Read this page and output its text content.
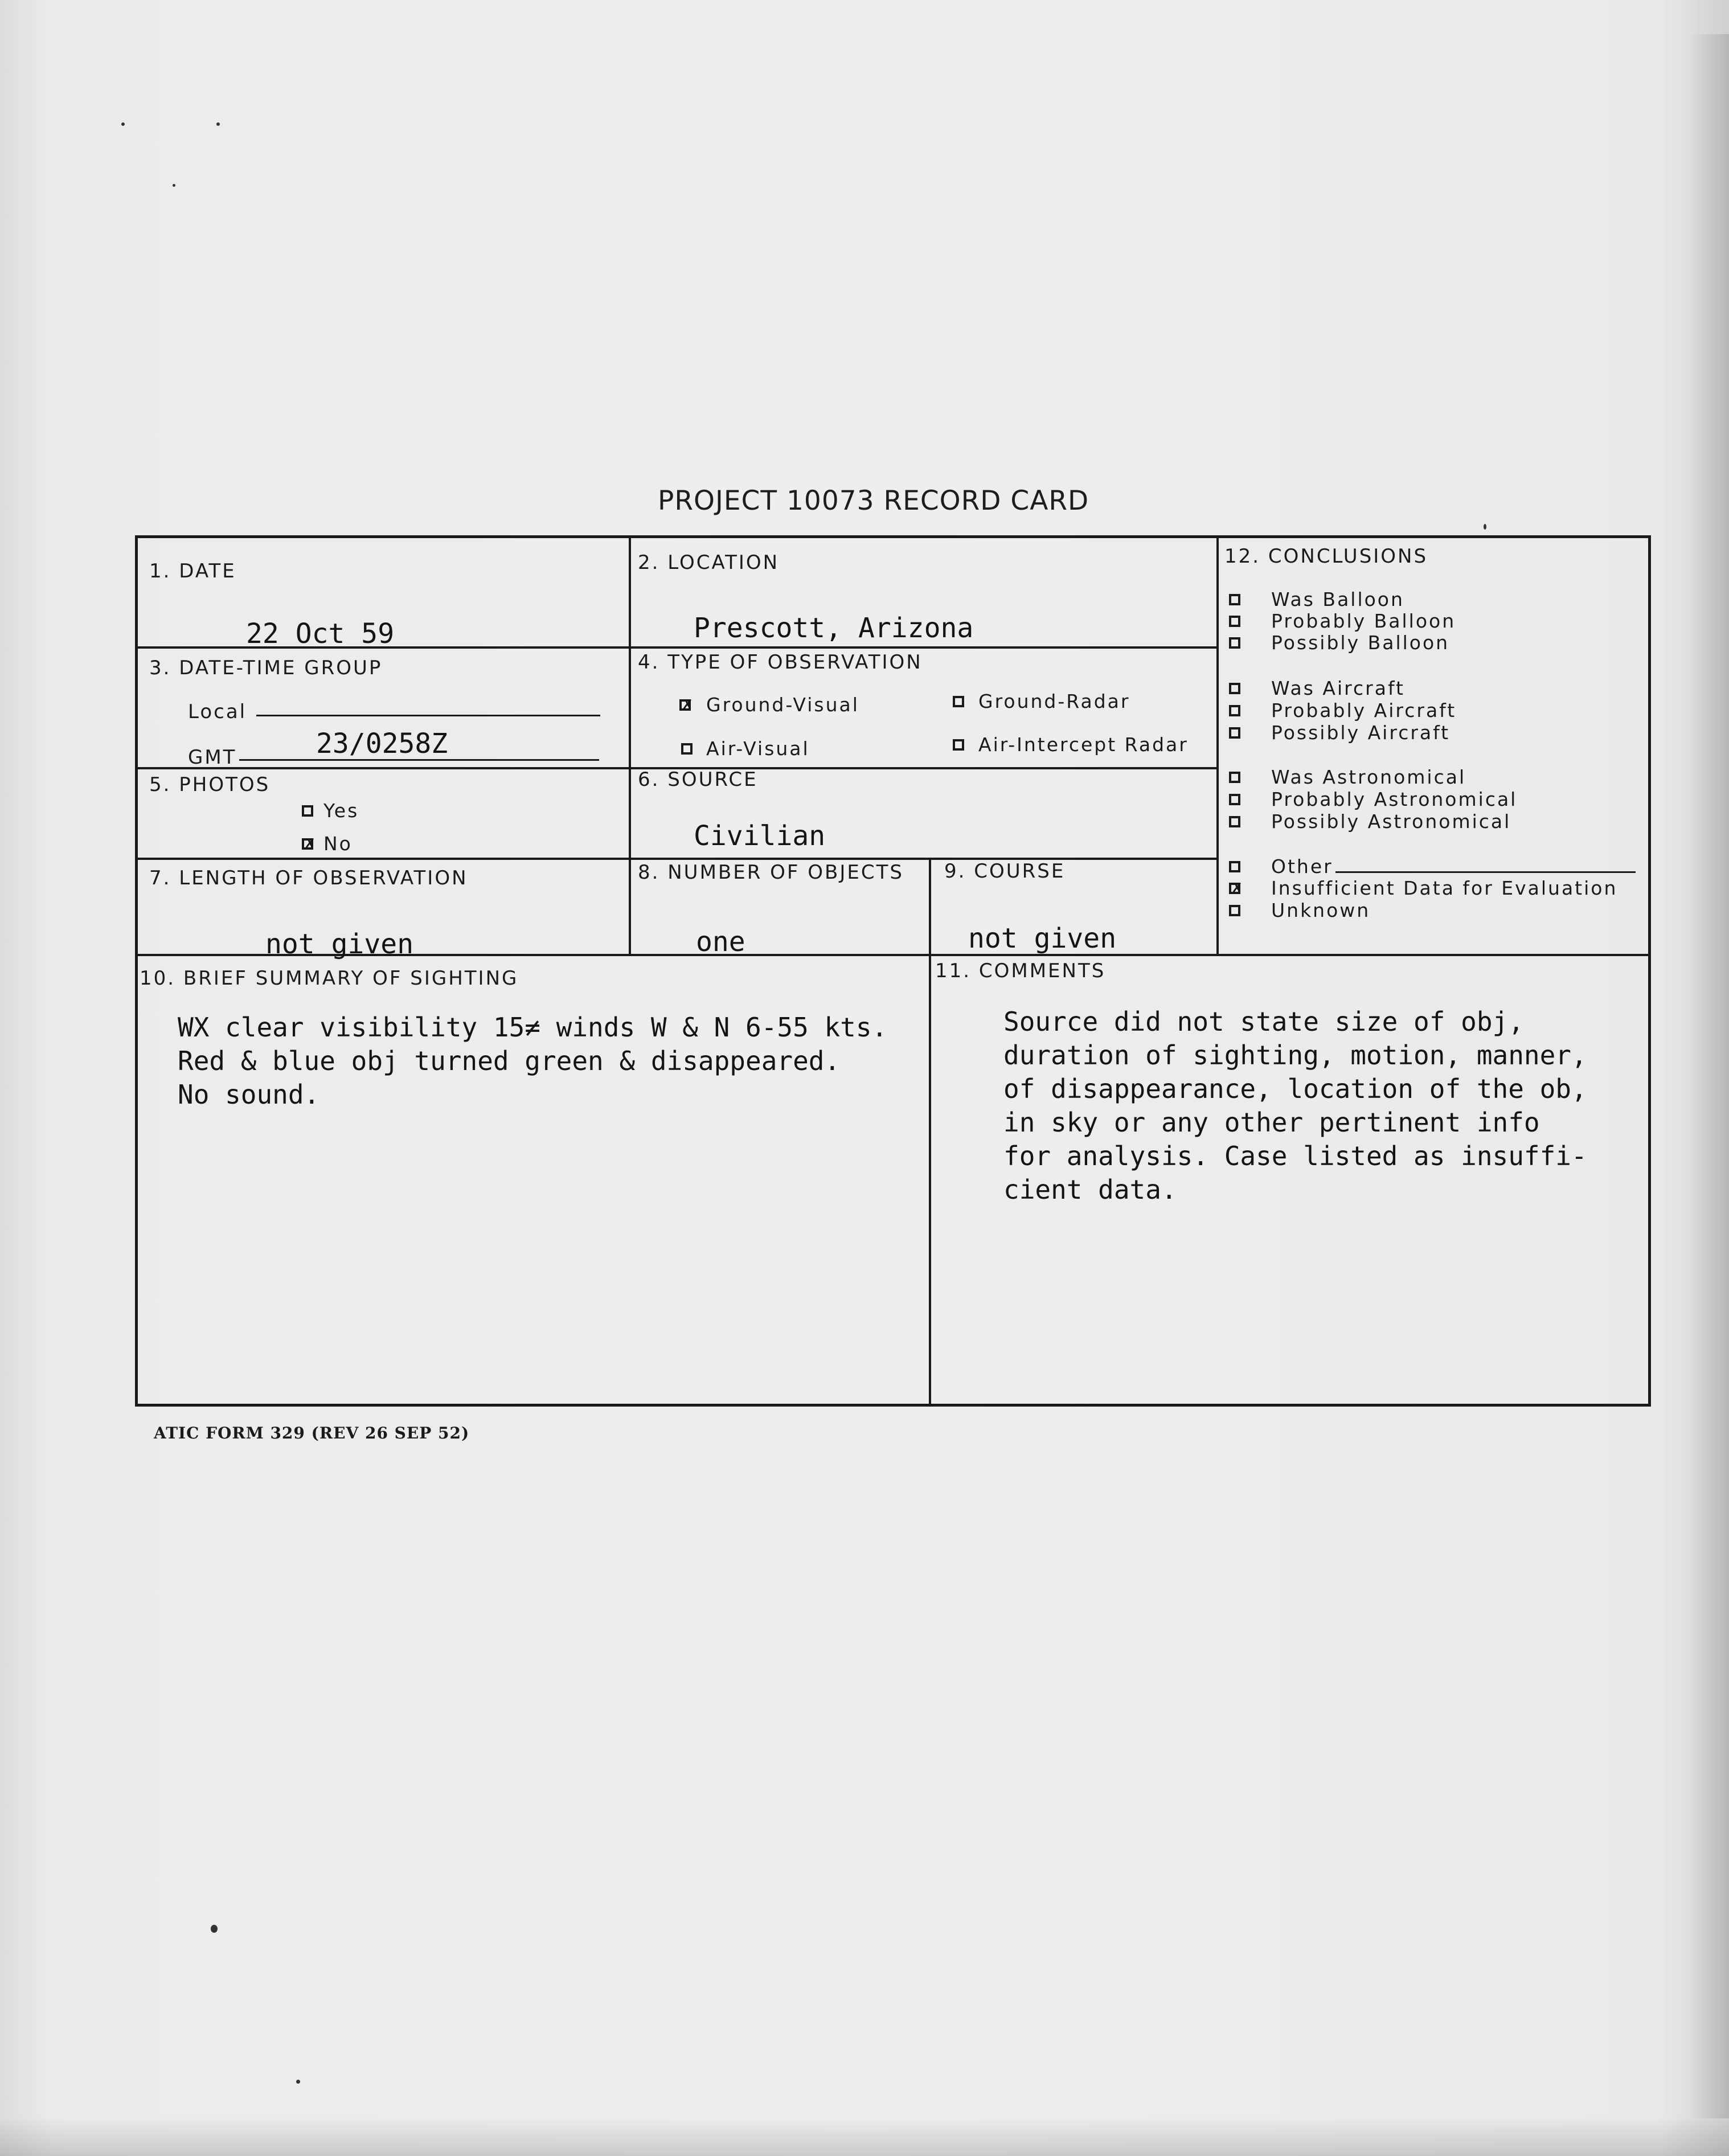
PROJECT 10073 RECORD CARD
1. DATE
22 Oct 59
2. LOCATION
Prescott, Arizona
3. DATE-TIME GROUP
Local
GMT	23/0258Z
4. TYPE OF OBSERVATION
✗ Ground-Visual	Ground-Radar
Air-Visual	Air-Intercept Radar
5. PHOTOS
Yes
✗ No
6. SOURCE
Civilian
7. LENGTH OF OBSERVATION
not given
8. NUMBER OF OBJECTS
one
9. COURSE
not given
10. BRIEF SUMMARY OF SIGHTING
WX clear visibility 15≠ winds W & N 6-55 kts.
Red & blue obj turned green & disappeared.
No sound.
11. COMMENTS
Source did not state size of obj,
duration of sighting, motion, manner,
of disappearance, location of the ob,
in sky or any other pertinent info
for analysis. Case listed as insuffi-
cient data.
12. CONCLUSIONS
Was Balloon
Probably Balloon
Possibly Balloon
Was Aircraft
Probably Aircraft
Possibly Aircraft
Was Astronomical
Probably Astronomical
Possibly Astronomical
Other
✗ Insufficient Data for Evaluation
Unknown
ATIC FORM 329 (REV 26 SEP 52)
